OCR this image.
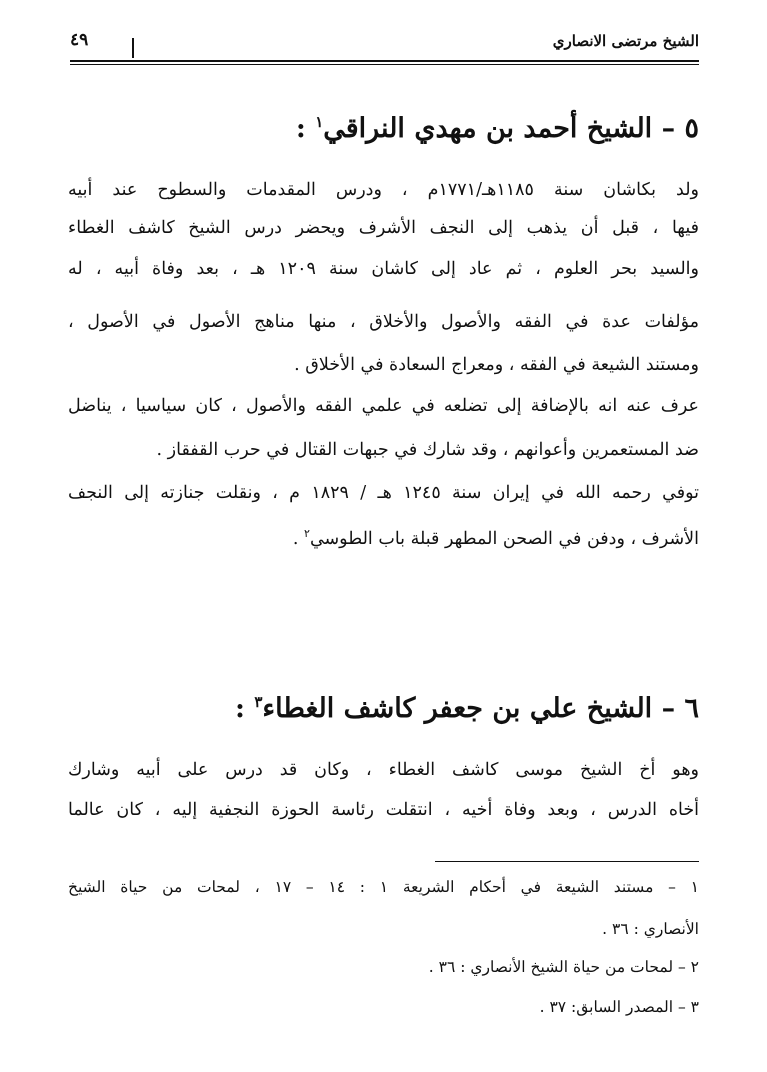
الشيخ مرتضى الانصاري
٤٩
٥ – الشيخ أحمد بن مهدي النراقي$^١$ :
ولد بكاشان سنة ١١٨٥هـ/١٧٧١م ، ودرس المقدمات والسطوح عند أبيه
فيها ، قبل أن يذهب إلى النجف الأشرف ويحضر درس الشيخ كاشف الغطاء
والسيد بحر العلوم ، ثم عاد إلى كاشان سنة ١٢٠٩ هـ ، بعد وفاة أبيه ، له
مؤلفات عدة في الفقه والأصول والأخلاق ، منها مناهج الأصول في الأصول ،
ومستند الشيعة في الفقه ، ومعراج السعادة في الأخلاق .
عرف عنه انه بالإضافة إلى تضلعه في علمي الفقه والأصول ، كان سياسيا ، يناضل
ضد المستعمرين وأعوانهم ، وقد شارك في جبهات القتال في حرب القفقاز .
توفي رحمه الله في إيران سنة ١٢٤٥ هـ / ١٨٢٩ م ، ونقلت جنازته إلى النجف
الأشرف ، ودفن في الصحن المطهر قبلة باب الطوسي$^٢$ .
٦ – الشيخ علي بن جعفر كاشف الغطاء$^٣$ :
وهو أخ الشيخ موسى كاشف الغطاء ، وكان قد درس على أبيه وشارك
أخاه الدرس ، وبعد وفاة أخيه ، انتقلت رئاسة الحوزة النجفية إليه ، كان عالما
١ – مستند الشيعة في أحكام الشريعة ١ : ١٤ – ١٧ ، لمحات من حياة الشيخ
الأنصاري : ٣٦ .
٢ – لمحات من حياة الشيخ الأنصاري : ٣٦ .
٣ – المصدر السابق: ٣٧ .
